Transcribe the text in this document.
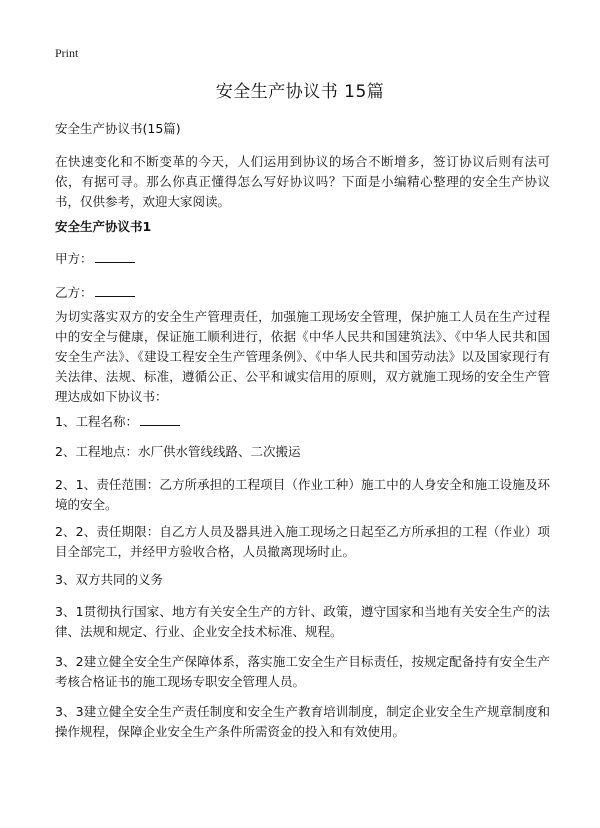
Print
安全生产协议书 15篇
安全生产协议书(15篇)

在快速变化和不断变革的今天，人们运用到协议的场合不断增多，签订协议后则有法可依，有据可寻。那么你真正懂得怎么写好协议吗？下面是小编精心整理的安全生产协议书，仅供参考，欢迎大家阅读。

安全生产协议书1
甲方：
乙方：

为切实落实双方的安全生产管理责任，加强施工现场安全管理，保护施工人员在生产过程中的安全与健康，保证施工顺利进行，依据《中华人民共和国建筑法》、《中华人民共和国安全生产法》、《建设工程安全生产管理条例》、《中华人民共和国劳动法》以及国家现行有关法律、法规、标准，遵循公正、公平和诚实信用的原则，双方就施工现场的安全生产管理达成如下协议书：

1、工程名称：

2、工程地点：水厂供水管线线路、二次搬运

2、1、责任范围：乙方所承担的工程项目（作业工种）施工中的人身安全和施工设施及环境的安全。

2、2、责任期限：自乙方人员及器具进入施工现场之日起至乙方所承担的工程（作业）项目全部完工，并经甲方验收合格，人员撤离现场时止。

3、双方共同的义务

3、1贯彻执行国家、地方有关安全生产的方针、政策，遵守国家和当地有关安全生产的法律、法规和规定、行业、企业安全技术标准、规程。

3、2建立健全安全生产保障体系，落实施工安全生产目标责任，按规定配备持有安全生产考核合格证书的施工现场专职安全管理人员。

3、3建立健全安全生产责任制度和安全生产教育培训制度，制定企业安全生产规章制度和操作规程，保障企业安全生产条件所需资金的投入和有效使用。
